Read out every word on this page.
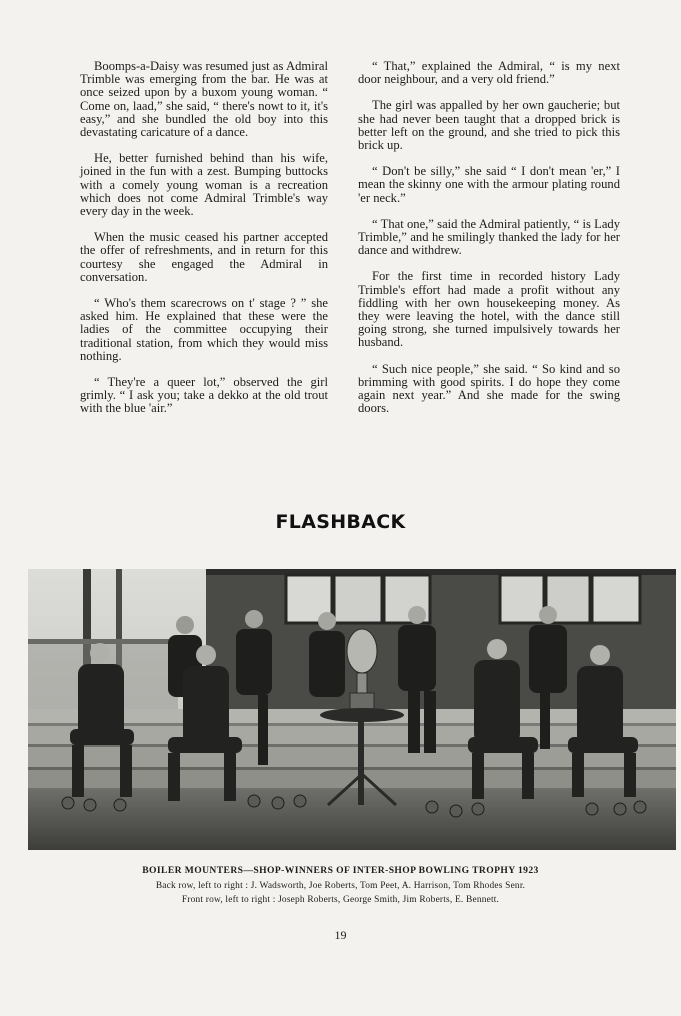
Boomps-a-Daisy was resumed just as Admiral Trimble was emerging from the bar. He was at once seized upon by a buxom young woman. “ Come on, laad,” she said, “ there's nowt to it, it's easy,” and she bundled the old boy into this devastating caricature of a dance.

He, better furnished behind than his wife, joined in the fun with a zest. Bumping buttocks with a comely young woman is a recreation which does not come Admiral Trimble's way every day in the week.

When the music ceased his partner accepted the offer of refreshments, and in return for this courtesy she engaged the Admiral in conversation.

“ Who's them scarecrows on t' stage ? ” she asked him. He explained that these were the ladies of the committee occupying their traditional station, from which they would miss nothing.

“ They're a queer lot,” observed the girl grimly. “ I ask you; take a dekko at the old trout with the blue 'air.”

“ That,” explained the Admiral, “ is my next door neighbour, and a very old friend.”

The girl was appalled by her own gaucherie; but she had never been taught that a dropped brick is better left on the ground, and she tried to pick this brick up.

“ Don't be silly,” she said “ I don't mean 'er,” I mean the skinny one with the armour plating round 'er neck.”

“ That one,” said the Admiral patiently, “ is Lady Trimble,” and he smilingly thanked the lady for her dance and withdrew.

For the first time in recorded history Lady Trimble's effort had made a profit without any fiddling with her own housekeeping money. As they were leaving the hotel, with the dance still going strong, she turned impulsively towards her husband.

“ Such nice people,” she said. “ So kind and so brimming with good spirits. I do hope they come again next year.” And she made for the swing doors.

FLASHBACK
BOILER MOUNTERS—SHOP-WINNERS OF INTER-SHOP BOWLING TROPHY 1923
Back row, left to right : J. Wadsworth, Joe Roberts, Tom Peet, A. Harrison, Tom Rhodes Senr.
Front row, left to right : Joseph Roberts, George Smith, Jim Roberts, E. Bennett.
19
